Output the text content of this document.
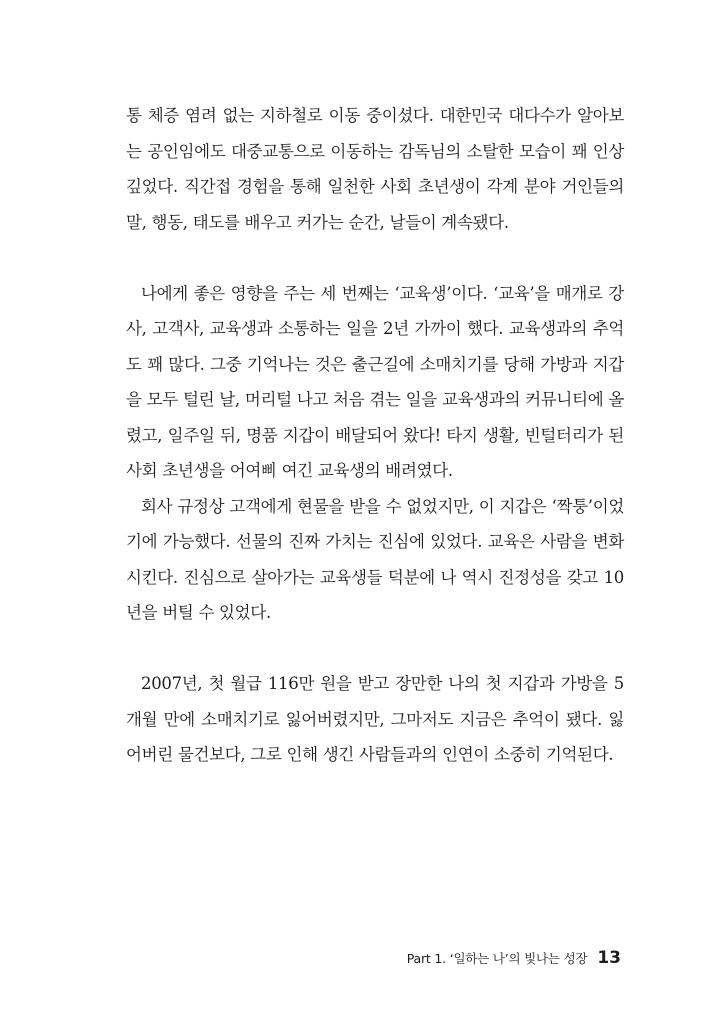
통 체증 염려 없는 지하철로 이동 중이셨다. 대한민국 대다수가 알아보는 공인임에도 대중교통으로 이동하는 감독님의 소탈한 모습이 꽤 인상 깊었다. 직간접 경험을 통해 일천한 사회 초년생이 각계 분야 거인들의 말, 행동, 태도를 배우고 커가는 순간, 날들이 계속됐다.

나에게 좋은 영향을 주는 세 번째는 ‘교육생’이다. ‘교육’을 매개로 강사, 고객사, 교육생과 소통하는 일을 2년 가까이 했다. 교육생과의 추억도 꽤 많다. 그중 기억나는 것은 출근길에 소매치기를 당해 가방과 지갑을 모두 털린 날, 머리털 나고 처음 겪는 일을 교육생과의 커뮤니티에 올렸고, 일주일 뒤, 명품 지갑이 배달되어 왔다! 타지 생활, 빈털터리가 된 사회 초년생을 어여삐 여긴 교육생의 배려였다.

회사 규정상 고객에게 현물을 받을 수 없었지만, 이 지갑은 ‘짝퉁’이었기에 가능했다. 선물의 진짜 가치는 진심에 있었다. 교육은 사람을 변화시킨다. 진심으로 살아가는 교육생들 덕분에 나 역시 진정성을 갖고 10년을 버틸 수 있었다.

2007년, 첫 월급 116만 원을 받고 장만한 나의 첫 지갑과 가방을 5개월 만에 소매치기로 잃어버렸지만, 그마저도 지금은 추억이 됐다. 잃어버린 물건보다, 그로 인해 생긴 사람들과의 인연이 소중히 기억된다.

Part 1. ‘일하는 나’의 빛나는 성장 13
